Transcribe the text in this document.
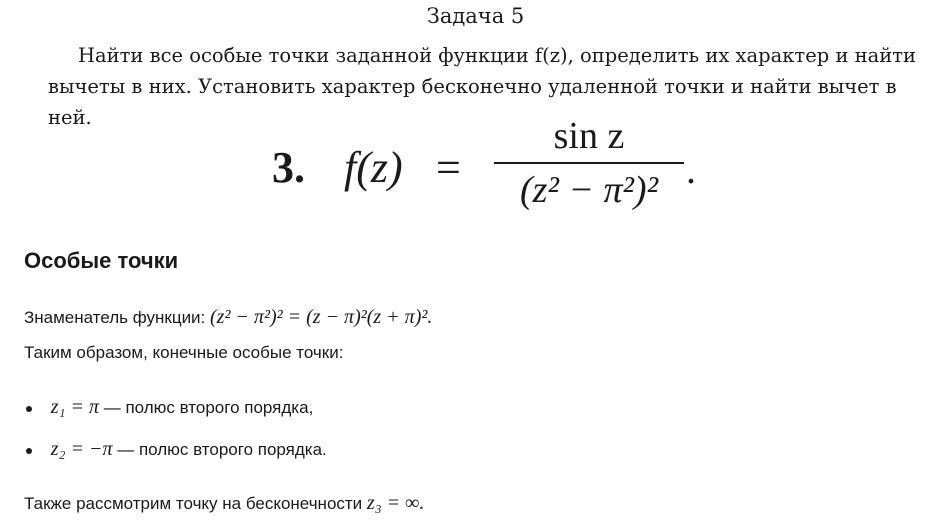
Задача 5
Найти все особые точки заданной функции f(z), определить их характер и найти вычеты в них. Установить характер бесконечно удаленной точки и найти вычет в ней.
3. f(z) =
sin z
(z² − π²)² .
Особые точки
Знаменатель функции: (z² − π²)² = (z − π)²(z + π)².
Таким образом, конечные особые точки:
z₁ = π — полюс второго порядка,
z₂ = −π — полюс второго порядка.
Также рассмотрим точку на бесконечности z₃ = ∞.
